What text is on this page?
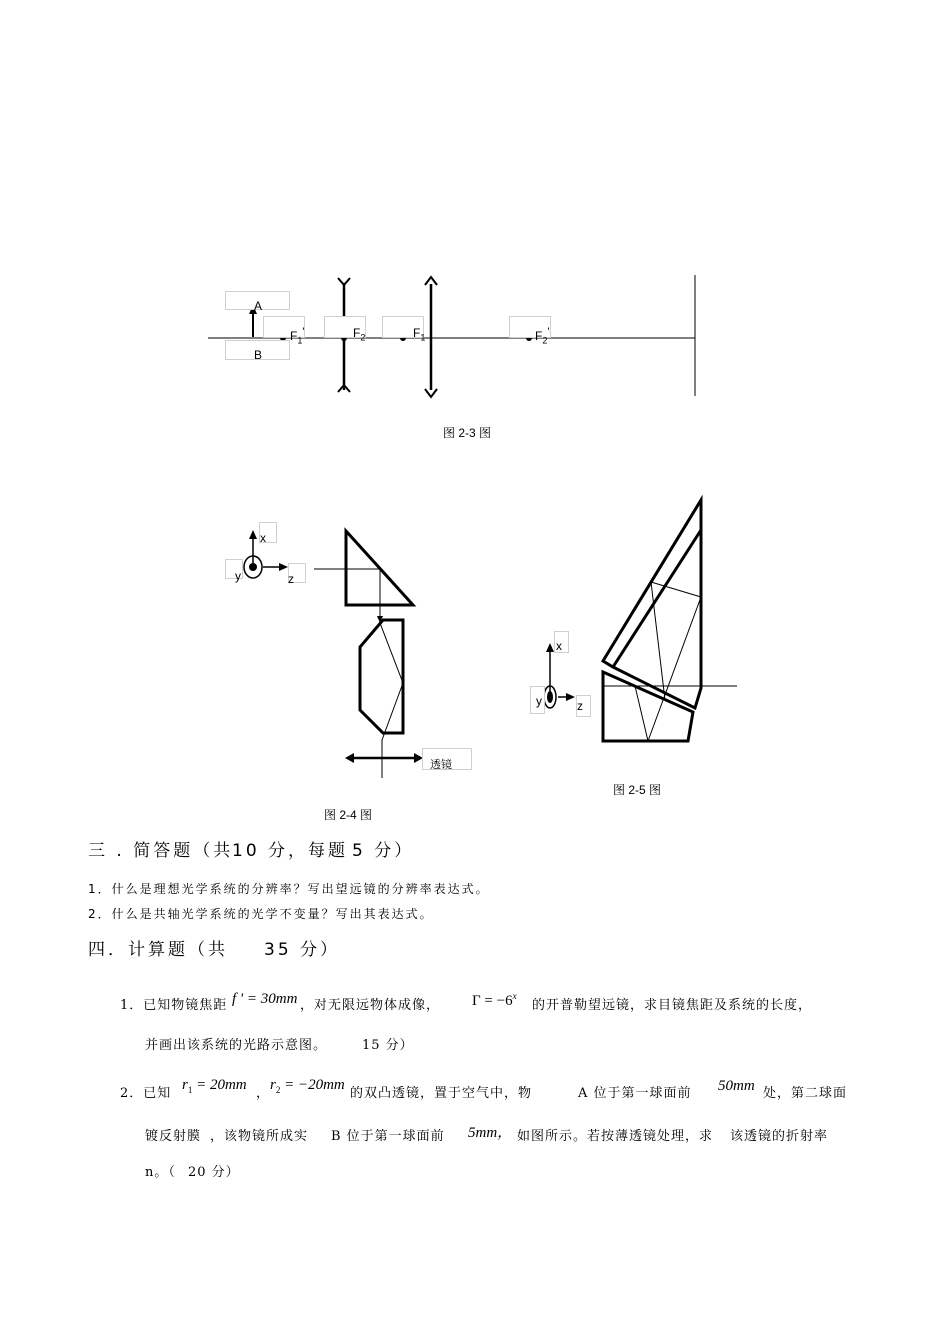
A
B
$F_1'$	$F_2$	$F_1$	$F_2'$
图 2-3 图
x
y	z
透镜
图 2-4 图
x
y	z
图 2-5 图
三 . 简答题（共
10 分，每题 5 分）
1．什么是理想光学系统的分辨率？写出望远镜的分辨率表达式。
2．什么是共轴光学系统的光学不变量？写出其表达式。
四．计算题（共 35 分）
1．已知物镜焦距 f ' = 30mm ，对无限远物体成像， $\Gamma = -6^x$
的开普勒望远镜，求目镜焦距及系统的长度，
并画出该系统的光路示意图。	15 分）
2．已知
$r_1 = 20mm$
，
$r_2 = -20mm$
的双凸透镜，置于空气中，物	A 位于第一球面前 50mm 处，第二球面
镀反射膜 ，该物镜所成实 B 位于第一球面前 5mm， 如图所示。若按薄透镜处理，求 该透镜的折射率
n。（ 20 分）
